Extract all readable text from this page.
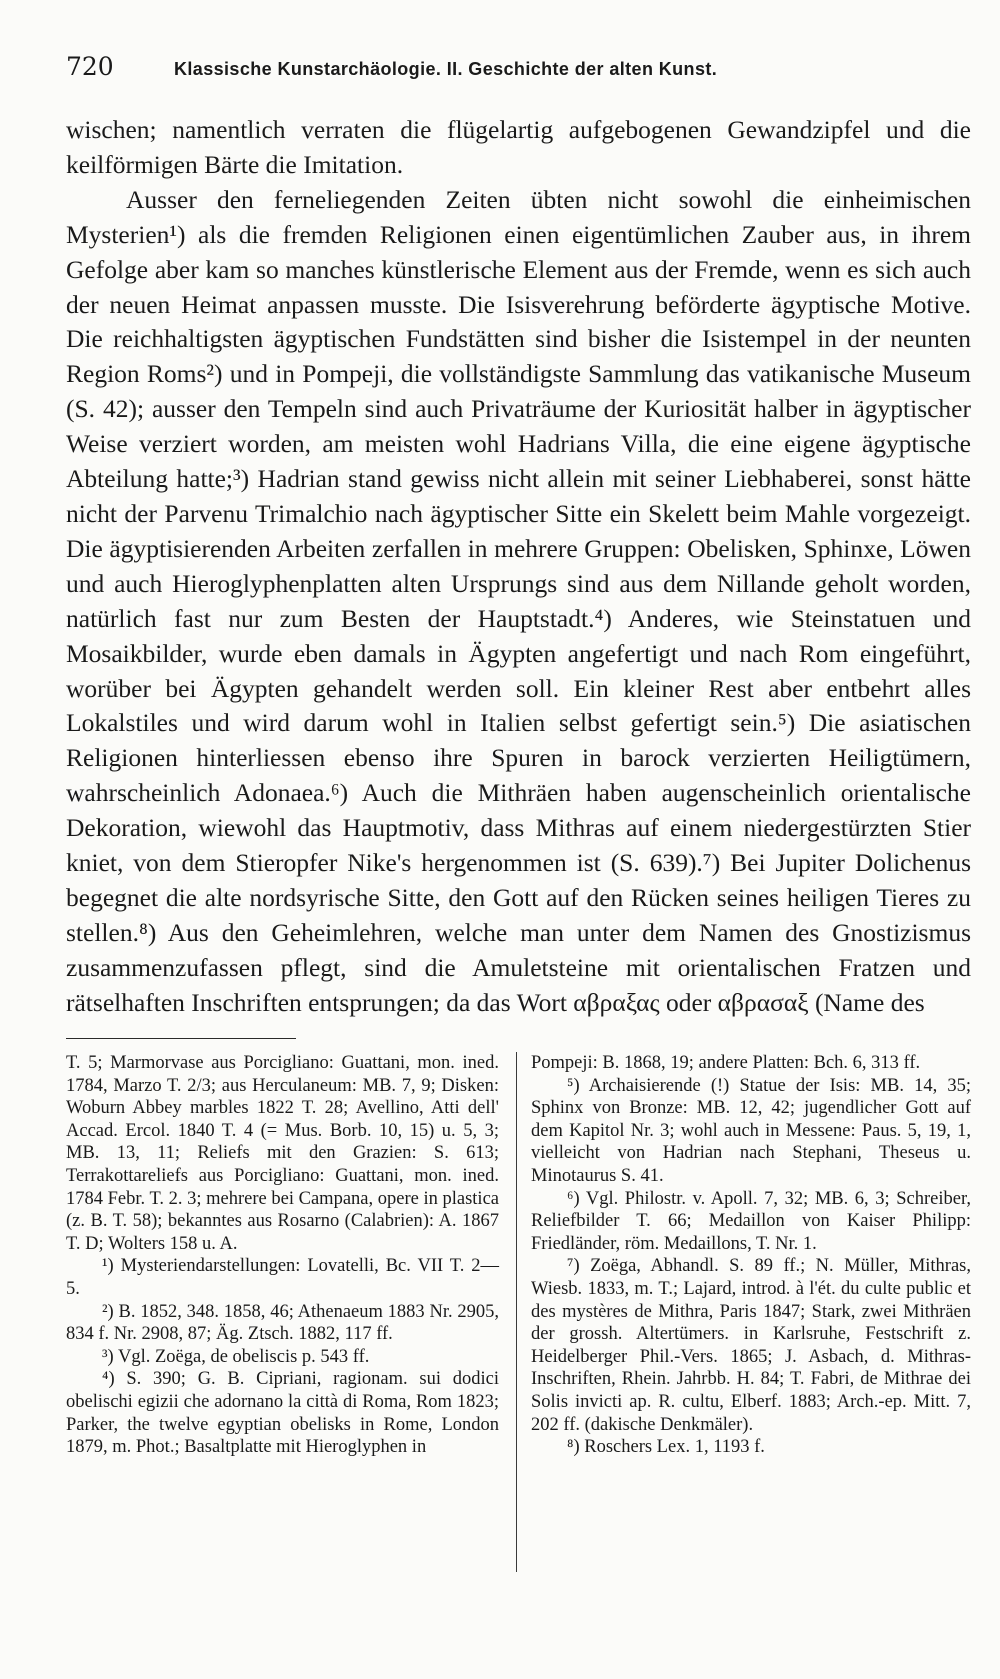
720	Klassische Kunstarchäologie. II. Geschichte der alten Kunst.

wischen; namentlich verraten die flügelartig aufgebogenen Gewandzipfel und die keilförmigen Bärte die Imitation.

Ausser den ferneliegenden Zeiten übten nicht sowohl die einheimischen Mysterien¹) als die fremden Religionen einen eigentümlichen Zauber aus, in ihrem Gefolge aber kam so manches künstlerische Element aus der Fremde, wenn es sich auch der neuen Heimat anpassen musste. Die Isisverehrung beförderte ägyptische Motive. Die reichhaltigsten ägyptischen Fundstätten sind bisher die Isistempel in der neunten Region Roms²) und in Pompeji, die vollständigste Sammlung das vatikanische Museum (S. 42); ausser den Tempeln sind auch Privaträume der Kuriosität halber in ägyptischer Weise verziert worden, am meisten wohl Hadrians Villa, die eine eigene ägyptische Abteilung hatte;³) Hadrian stand gewiss nicht allein mit seiner Liebhaberei, sonst hätte nicht der Parvenu Trimalchio nach ägyptischer Sitte ein Skelett beim Mahle vorgezeigt. Die ägyptisierenden Arbeiten zerfallen in mehrere Gruppen: Obelisken, Sphinxe, Löwen und auch Hieroglyphenplatten alten Ursprungs sind aus dem Nillande geholt worden, natürlich fast nur zum Besten der Hauptstadt.⁴) Anderes, wie Steinstatuen und Mosaikbilder, wurde eben damals in Ägypten angefertigt und nach Rom eingeführt, worüber bei Ägypten gehandelt werden soll. Ein kleiner Rest aber entbehrt alles Lokalstiles und wird darum wohl in Italien selbst gefertigt sein.⁵) Die asiatischen Religionen hinterliessen ebenso ihre Spuren in barock verzierten Heiligtümern, wahrscheinlich Adonaea.⁶) Auch die Mithräen haben augenscheinlich orientalische Dekoration, wiewohl das Hauptmotiv, dass Mithras auf einem niedergestürzten Stier kniet, von dem Stieropfer Nike's hergenommen ist (S. 639).⁷) Bei Jupiter Dolichenus begegnet die alte nordsyrische Sitte, den Gott auf den Rücken seines heiligen Tieres zu stellen.⁸) Aus den Geheimlehren, welche man unter dem Namen des Gnostizismus zusammenzufassen pflegt, sind die Amuletsteine mit orientalischen Fratzen und rätselhaften Inschriften entsprungen; da das Wort αβραξας oder αβρασαξ (Name des

T. 5; Marmorvase aus Porcigliano: Guattani, mon. ined. 1784, Marzo T. 2/3; aus Herculaneum: MB. 7, 9; Disken: Woburn Abbey marbles 1822 T. 28; Avellino, Atti dell' Accad. Ercol. 1840 T. 4 (= Mus. Borb. 10, 15) u. 5, 3; MB. 13, 11; Reliefs mit den Grazien: S. 613; Terrakottareliefs aus Porcigliano: Guattani, mon. ined. 1784 Febr. T. 2. 3; mehrere bei Campana, opere in plastica (z. B. T. 58); bekanntes aus Rosarno (Calabrien): A. 1867 T. D; Wolters 158 u. A.

¹) Mysteriendarstellungen: Lovatelli, Bc. VII T. 2—5.

²) B. 1852, 348. 1858, 46; Athenaeum 1883 Nr. 2905, 834 f. Nr. 2908, 87; Äg. Ztsch. 1882, 117 ff.

³) Vgl. Zoëga, de obeliscis p. 543 ff.

⁴) S. 390; G. B. Cipriani, ragionam. sui dodici obelischi egizii che adornano la città di Roma, Rom 1823; Parker, the twelve egyptian obelisks in Rome, London 1879, m. Phot.; Basaltplatte mit Hieroglyphen in

Pompeji: B. 1868, 19; andere Platten: Bch. 6, 313 ff.

⁵) Archaisierende (!) Statue der Isis: MB. 14, 35; Sphinx von Bronze: MB. 12, 42; jugendlicher Gott auf dem Kapitol Nr. 3; wohl auch in Messene: Paus. 5, 19, 1, vielleicht von Hadrian nach Stephani, Theseus u. Minotaurus S. 41.

⁶) Vgl. Philostr. v. Apoll. 7, 32; MB. 6, 3; Schreiber, Reliefbilder T. 66; Medaillon von Kaiser Philipp: Friedländer, röm. Medaillons, T. Nr. 1.

⁷) Zoëga, Abhandl. S. 89 ff.; N. Müller, Mithras, Wiesb. 1833, m. T.; Lajard, introd. à l'ét. du culte public et des mystères de Mithra, Paris 1847; Stark, zwei Mithräen der grossh. Altertümers. in Karlsruhe, Festschrift z. Heidelberger Phil.-Vers. 1865; J. Asbach, d. Mithras-Inschriften, Rhein. Jahrbb. H. 84; T. Fabri, de Mithrae dei Solis invicti ap. R. cultu, Elberf. 1883; Arch.-ep. Mitt. 7, 202 ff. (dakische Denkmäler).

⁸) Roschers Lex. 1, 1193 f.
